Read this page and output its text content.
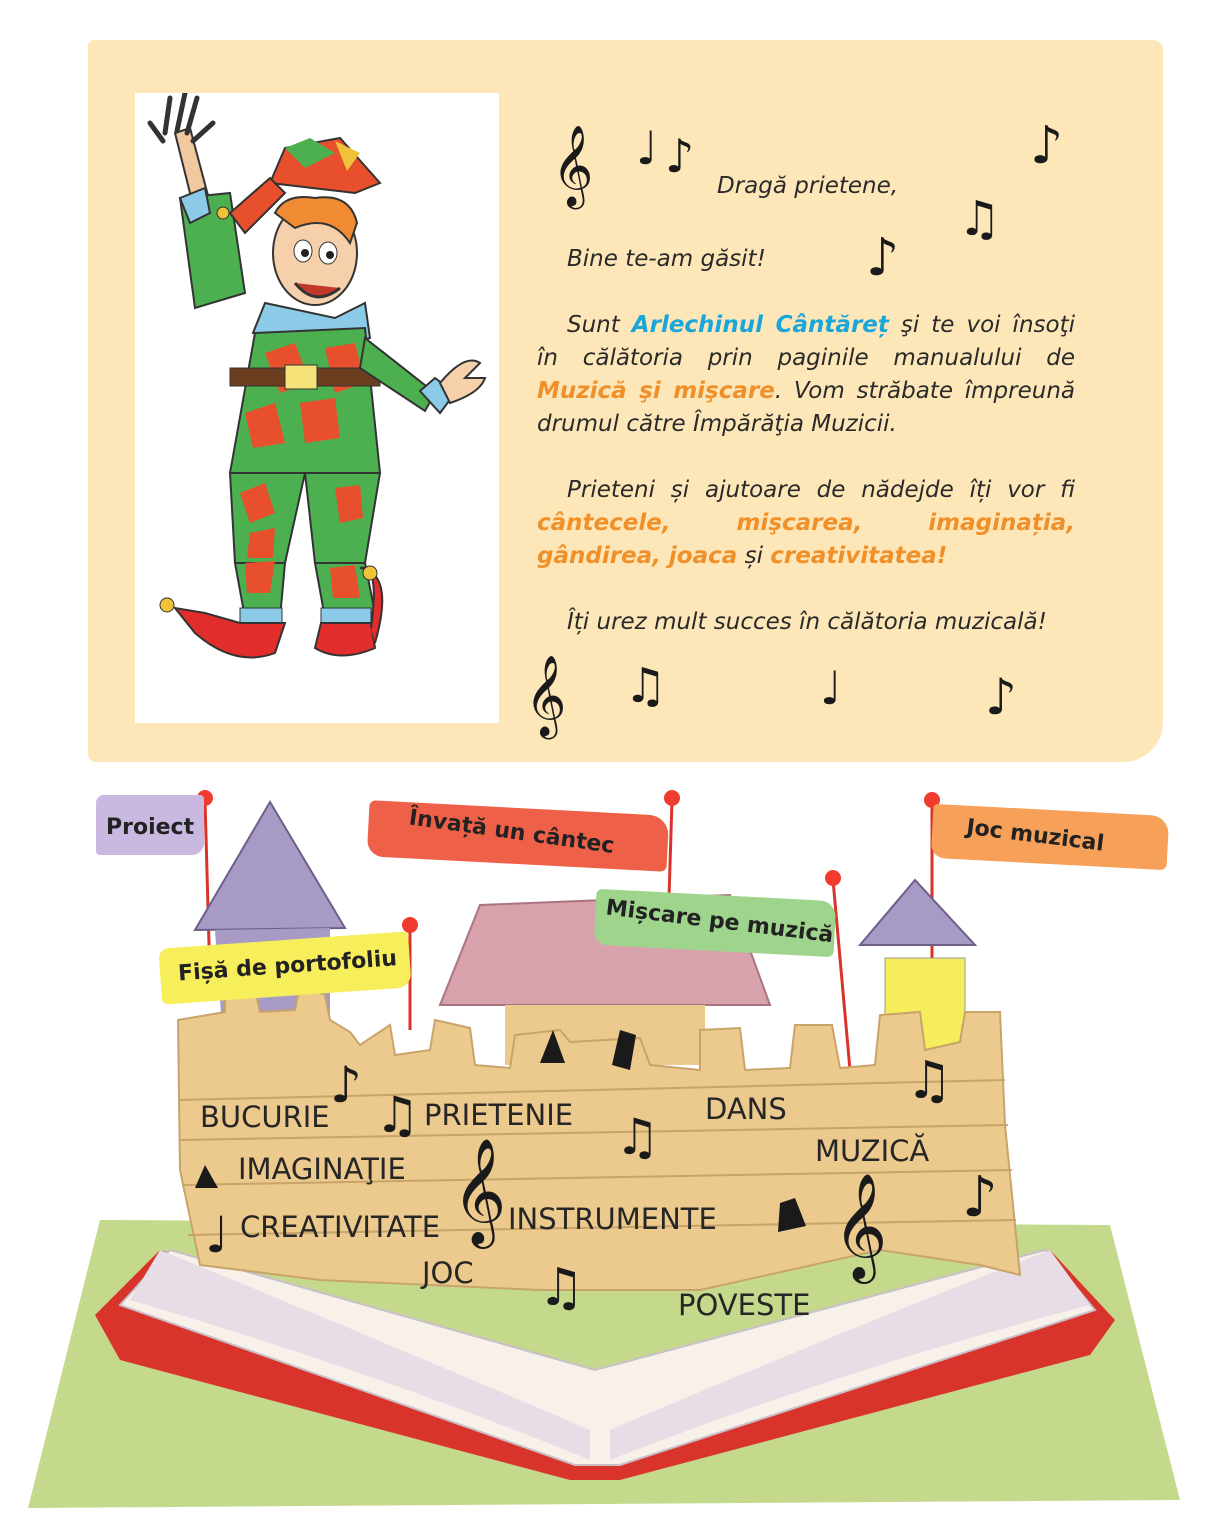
𝄞 ♩ ♪	♪
♫
♪
𝄞 ♫	♩	♪

Dragă prietene,

Bine te-am găsit!

Sunt Arlechinul Cântăreț şi te voi însoţi în călătoria prin paginile manualului de Muzică şi mişcare. Vom străbate împreună drumul către Împărăţia Muzicii.

Prieteni și ajutoare de nădejde îți vor fi cântecele, mişcarea, imaginația, gândirea, joaca și creativitatea!

Îți urez mult succes în călătoria muzicală!

Proiect	Învață un cântec	Joc muzical
Mișcare pe muzică
Fișă de portofoliu
BUCURIE	PRIETENIE	DANS
MUZICĂ
IMAGINAŢIE
CREATIVITATE INSTRUMENTE
JOC
POVESTE
♪
♫	♫
♫
𝄞	𝄞 ♪
♩
♫
